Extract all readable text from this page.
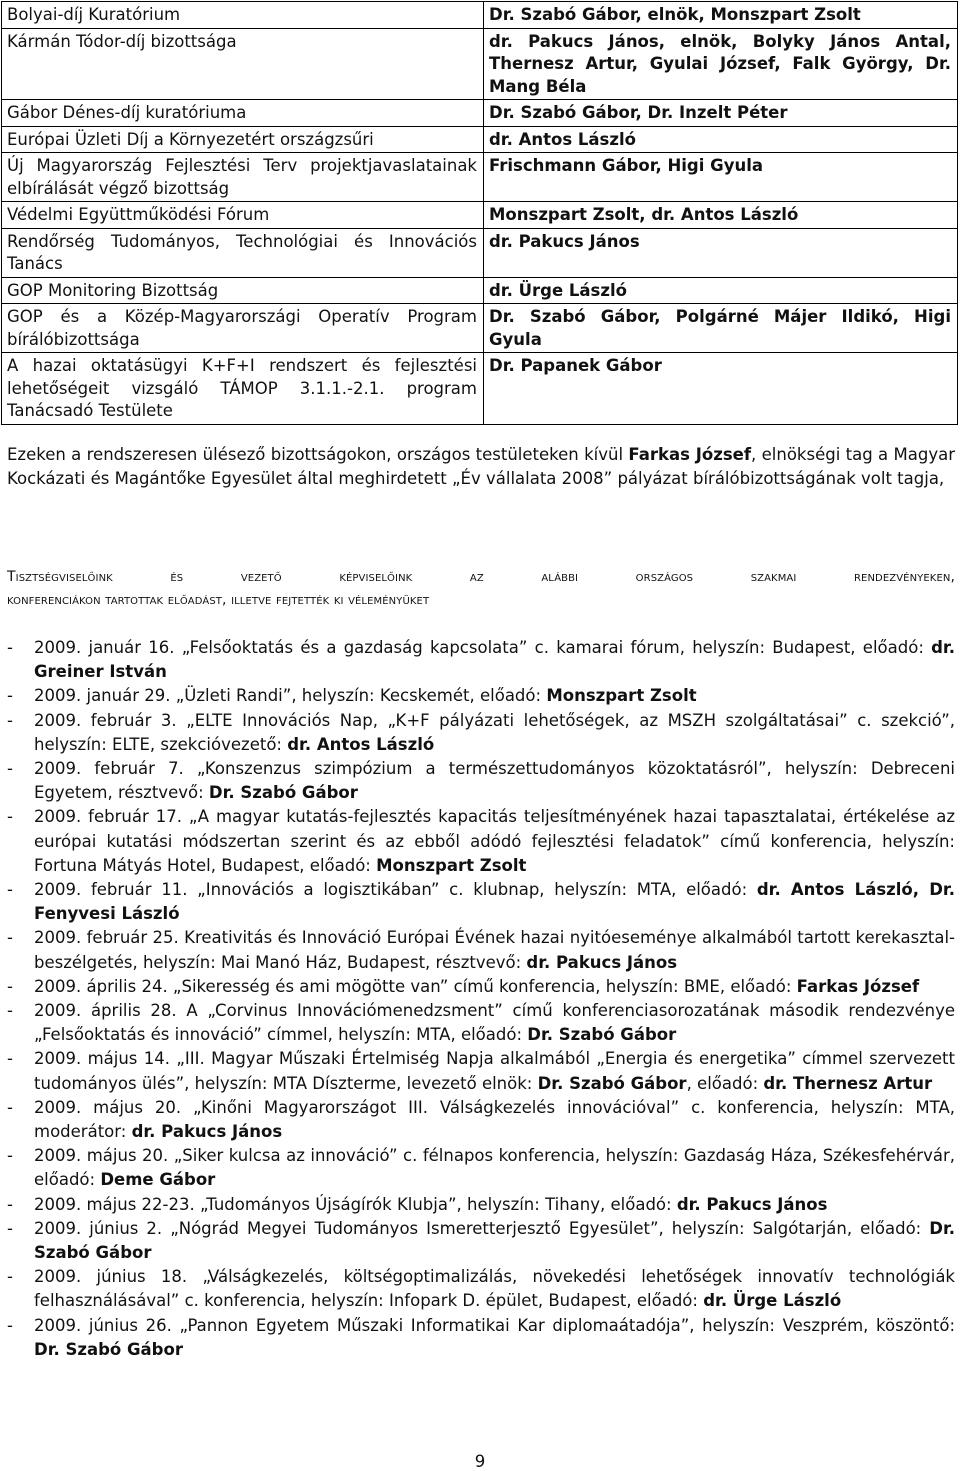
Bolyai-díj Kuratórium	Dr. Szabó Gábor, elnök, Monszpart Zsolt
Kármán Tódor-díj bizottsága	dr. Pakucs János, elnök, Bolyky János Antal, Thernesz Artur, Gyulai József, Falk György, Dr. Mang Béla
Gábor Dénes-díj kuratóriuma	Dr. Szabó Gábor, Dr. Inzelt Péter
Európai Üzleti Díj a Környezetért országzsűri	dr. Antos László
Új Magyarország Fejlesztési Terv projektjavaslatainak elbírálását végző bizottság	Frischmann Gábor, Higi Gyula
Védelmi Együttműködési Fórum	Monszpart Zsolt, dr. Antos László
Rendőrség Tudományos, Technológiai és Innovációs Tanács	dr. Pakucs János
GOP Monitoring Bizottság	dr. Ürge László
GOP és a Közép-Magyarországi Operatív Program bírálóbizottsága	Dr. Szabó Gábor, Polgárné Májer Ildikó, Higi Gyula
A hazai oktatásügyi K+F+I rendszert és fejlesztési lehetőségeit vizsgáló TÁMOP 3.1.1.-2.1. program Tanácsadó Testülete	Dr. Papanek Gábor

Ezeken a rendszeresen ülésező bizottságokon, országos testületeken kívül Farkas József, elnökségi tag a Magyar Kockázati és Magántőke Egyesület által meghirdetett „Év vállalata 2008” pályázat bírálóbizottságának volt tagja,

Tisztségviselőink és vezető képviselőink az alábbi országos szakmai rendezvényeken,
konferenciákon tartottak előadást, illetve fejtették ki véleményüket
- 2009. január 16. „Felsőoktatás és a gazdaság kapcsolata” c. kamarai fórum, helyszín: Budapest, előadó: dr. Greiner István
- 2009. január 29. „Üzleti Randi”, helyszín: Kecskemét, előadó: Monszpart Zsolt
- 2009. február 3. „ELTE Innovációs Nap, „K+F pályázati lehetőségek, az MSZH szolgáltatásai” c. szekció”, helyszín: ELTE, szekcióvezető: dr. Antos László
- 2009. február 7. „Konszenzus szimpózium a természettudományos közoktatásról”, helyszín: Debreceni Egyetem, résztvevő: Dr. Szabó Gábor
- 2009. február 17. „A magyar kutatás-fejlesztés kapacitás teljesítményének hazai tapasztalatai, értékelése az európai kutatási módszertan szerint és az ebből adódó fejlesztési feladatok” című konferencia, helyszín: Fortuna Mátyás Hotel, Budapest, előadó: Monszpart Zsolt
- 2009. február 11. „Innovációs a logisztikában” c. klubnap, helyszín: MTA, előadó: dr. Antos László, Dr. Fenyvesi László
- 2009. február 25. Kreativitás és Innováció Európai Évének hazai nyitóeseménye alkalmából tartott kerekasztal-beszélgetés, helyszín: Mai Manó Ház, Budapest, résztvevő: dr. Pakucs János
- 2009. április 24. „Sikeresség és ami mögötte van” című konferencia, helyszín: BME, előadó: Farkas József
- 2009. április 28. A „Corvinus Innovációmenedzsment” című konferenciasorozatának második rendezvénye „Felsőoktatás és innováció” címmel, helyszín: MTA, előadó: Dr. Szabó Gábor
- 2009. május 14. „III. Magyar Műszaki Értelmiség Napja alkalmából „Energia és energetika” címmel szervezett tudományos ülés”, helyszín: MTA Díszterme, levezető elnök: Dr. Szabó Gábor, előadó: dr. Thernesz Artur
- 2009. május 20. „Kinőni Magyarországot III. Válságkezelés innovációval” c. konferencia, helyszín: MTA, moderátor: dr. Pakucs János
- 2009. május 20. „Siker kulcsa az innováció” c. félnapos konferencia, helyszín: Gazdaság Háza, Székesfehérvár, előadó: Deme Gábor
- 2009. május 22-23. „Tudományos Újságírók Klubja”, helyszín: Tihany, előadó: dr. Pakucs János
- 2009. június 2. „Nógrád Megyei Tudományos Ismeretterjesztő Egyesület”, helyszín: Salgótarján, előadó: Dr. Szabó Gábor
- 2009. június 18. „Válságkezelés, költségoptimalizálás, növekedési lehetőségek innovatív technológiák felhasználásával” c. konferencia, helyszín: Infopark D. épület, Budapest, előadó: dr. Ürge László
- 2009. június 26. „Pannon Egyetem Műszaki Informatikai Kar diplomaátadója”, helyszín: Veszprém, köszöntő: Dr. Szabó Gábor
9
